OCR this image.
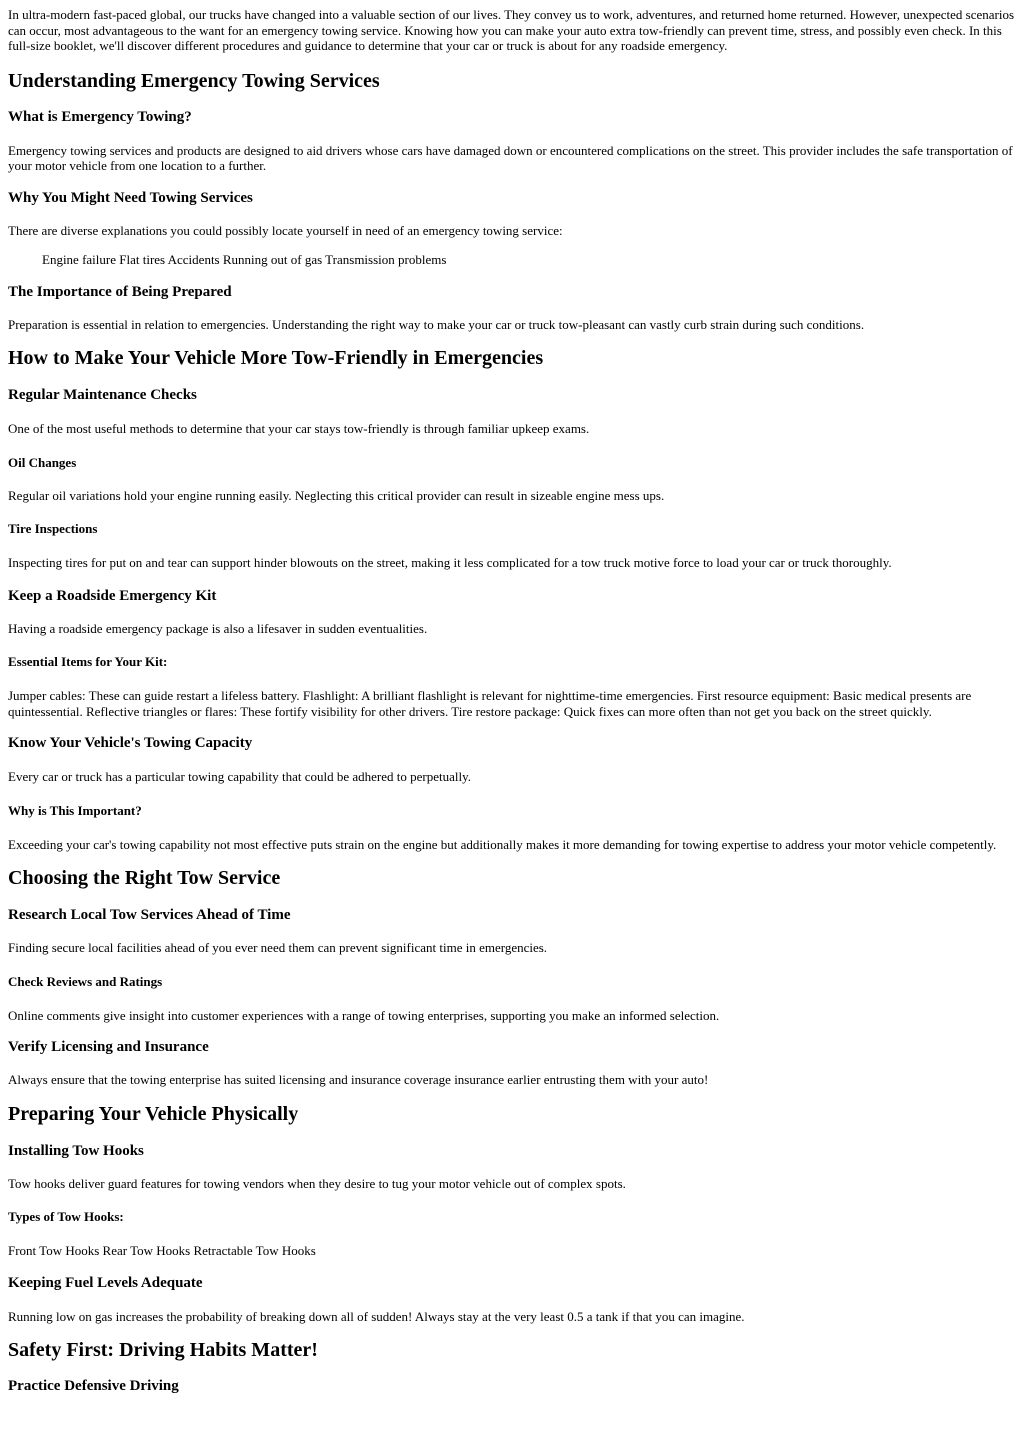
In ultra-modern fast-paced global, our trucks have changed into a valuable section of our lives. They convey us to work, adventures, and returned home returned. However, unexpected scenarios can occur, most advantageous to the want for an emergency towing service. Knowing how you can make your auto extra tow-friendly can prevent time, stress, and possibly even check. In this full-size booklet, we'll discover different procedures and guidance to determine that your car or truck is about for any roadside emergency.

Understanding Emergency Towing Services
What is Emergency Towing?

Emergency towing services and products are designed to aid drivers whose cars have damaged down or encountered complications on the street. This provider includes the safe transportation of your motor vehicle from one location to a further.

Why You Might Need Towing Services

There are diverse explanations you could possibly locate yourself in need of an emergency towing service:

Engine failure Flat tires Accidents Running out of gas Transmission problems

The Importance of Being Prepared

Preparation is essential in relation to emergencies. Understanding the right way to make your car or truck tow-pleasant can vastly curb strain during such conditions.

How to Make Your Vehicle More Tow-Friendly in Emergencies
Regular Maintenance Checks

One of the most useful methods to determine that your car stays tow-friendly is through familiar upkeep exams.

Oil Changes

Regular oil variations hold your engine running easily. Neglecting this critical provider can result in sizeable engine mess ups.

Tire Inspections

Inspecting tires for put on and tear can support hinder blowouts on the street, making it less complicated for a tow truck motive force to load your car or truck thoroughly.

Keep a Roadside Emergency Kit

Having a roadside emergency package is also a lifesaver in sudden eventualities.

Essential Items for Your Kit:

Jumper cables: These can guide restart a lifeless battery. Flashlight: A brilliant flashlight is relevant for nighttime-time emergencies. First resource equipment: Basic medical presents are quintessential. Reflective triangles or flares: These fortify visibility for other drivers. Tire restore package: Quick fixes can more often than not get you back on the street quickly.

Know Your Vehicle's Towing Capacity

Every car or truck has a particular towing capability that could be adhered to perpetually.

Why is This Important?

Exceeding your car's towing capability not most effective puts strain on the engine but additionally makes it more demanding for towing expertise to address your motor vehicle competently.

Choosing the Right Tow Service
Research Local Tow Services Ahead of Time

Finding secure local facilities ahead of you ever need them can prevent significant time in emergencies.

Check Reviews and Ratings

Online comments give insight into customer experiences with a range of towing enterprises, supporting you make an informed selection.

Verify Licensing and Insurance

Always ensure that the towing enterprise has suited licensing and insurance coverage insurance earlier entrusting them with your auto!

Preparing Your Vehicle Physically
Installing Tow Hooks

Tow hooks deliver guard features for towing vendors when they desire to tug your motor vehicle out of complex spots.

Types of Tow Hooks:

Front Tow Hooks Rear Tow Hooks Retractable Tow Hooks

Keeping Fuel Levels Adequate

Running low on gas increases the probability of breaking down all of sudden! Always stay at the very least 0.5 a tank if that you can imagine.

Safety First: Driving Habits Matter!
Practice Defensive Driving
